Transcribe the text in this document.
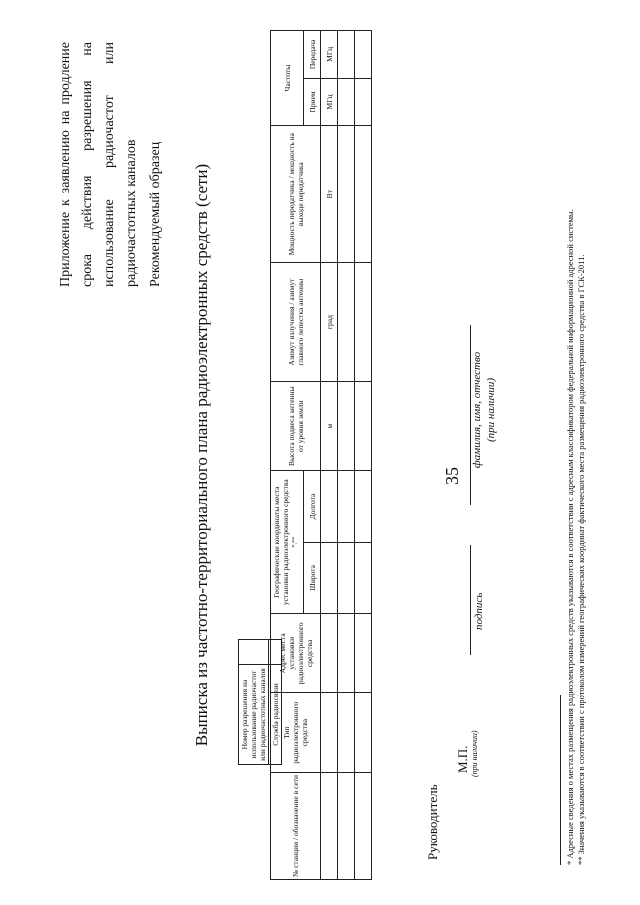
35
Приложение к заявлению на продление срока действия разрешения на использование радиочастот или радиочастотных каналов Рекомендуемый образец Выписка из частотно-территориального плана радиоэлектронных средств (сети)	Номер разрешения на использование радиочастот или радиочастотных каналов	
Служба радиосвязи	
№ станции / обозначение в сети	Тип радиоэлектронного средства	Адрес места установки радиоэлектронного средства	Географические координаты места установки радиоэлектронного средства *,**		Высота подвеса антенны от уровня земли	Азимут излучения / азимут главного лепестка антенны	Мощность передатчика / мощность на выходе передатчика	Частоты	
			Широта	Долгота				Прием	Передача
					м	град	Вт	МГц	МГц

Руководитель
М.П. (при наличии)
подпись
фамилия, имя, отчество (при наличии)	* Адресные сведения о местах размещения радиоэлектронных средств указываются в соответствии с адресным классификатором федеральной информационной адресной системы. ** Значения указываются в соответствии с протоколом измерений географических координат фактического места размещения радиоэлектронного средства в ГСК-2011.
